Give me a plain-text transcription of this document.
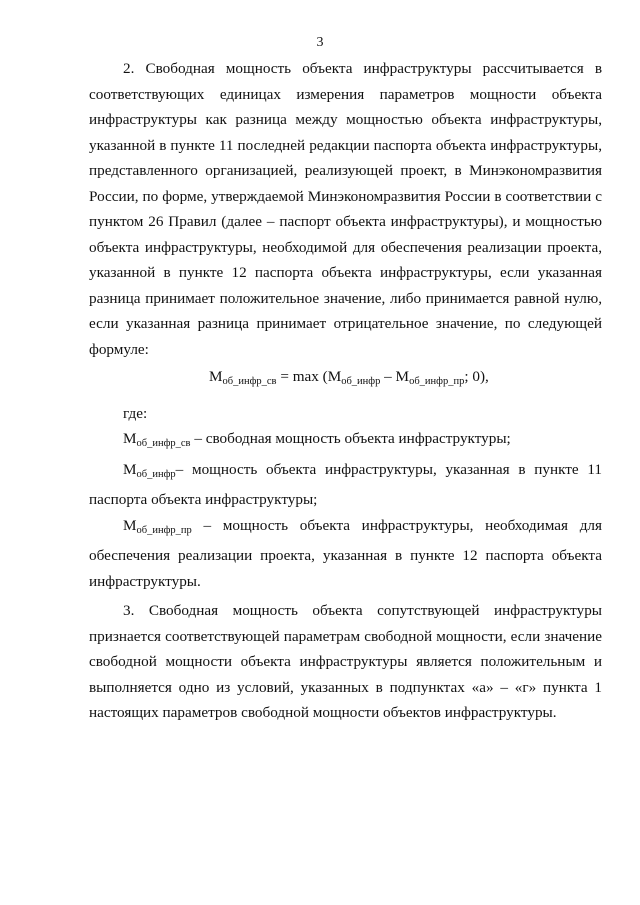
3

2. Свободная мощность объекта инфраструктуры рассчитывается в соответствующих единицах измерения параметров мощности объекта инфраструктуры как разница между мощностью объекта инфраструктуры, указанной в пункте 11 последней редакции паспорта объекта инфраструктуры, представленного организацией, реализующей проект, в Минэкономразвития России, по форме, утверждаемой Минэкономразвития России в соответствии с пунктом 26 Правил (далее – паспорт объекта инфраструктуры), и мощностью объекта инфраструктуры, необходимой для обеспечения реализации проекта, указанной в пункте 12 паспорта объекта инфраструктуры, если указанная разница принимает положительное значение, либо принимается равной нулю, если указанная разница принимает отрицательное значение, по следующей формуле:

$М_{об\_инфр\_св} = \max (М_{об\_инфр} - М_{об\_инфр\_пр}$; 0),

где:

$М_{об\_инфр\_св}$ – свободная мощность объекта инфраструктуры;

$М_{об\_инфр}-$ мощность объекта инфраструктуры, указанная в пункте 11 паспорта объекта инфраструктуры;

$М_{об\_инфр\_пр}$ – мощность объекта инфраструктуры, необходимая для обеспечения реализации проекта, указанная в пункте 12 паспорта объекта инфраструктуры.

3. Свободная мощность объекта сопутствующей инфраструктуры признается соответствующей параметрам свободной мощности, если значение свободной мощности объекта инфраструктуры является положительным и выполняется одно из условий, указанных в подпунктах «а» – «г» пункта 1 настоящих параметров свободной мощности объектов инфраструктуры.
